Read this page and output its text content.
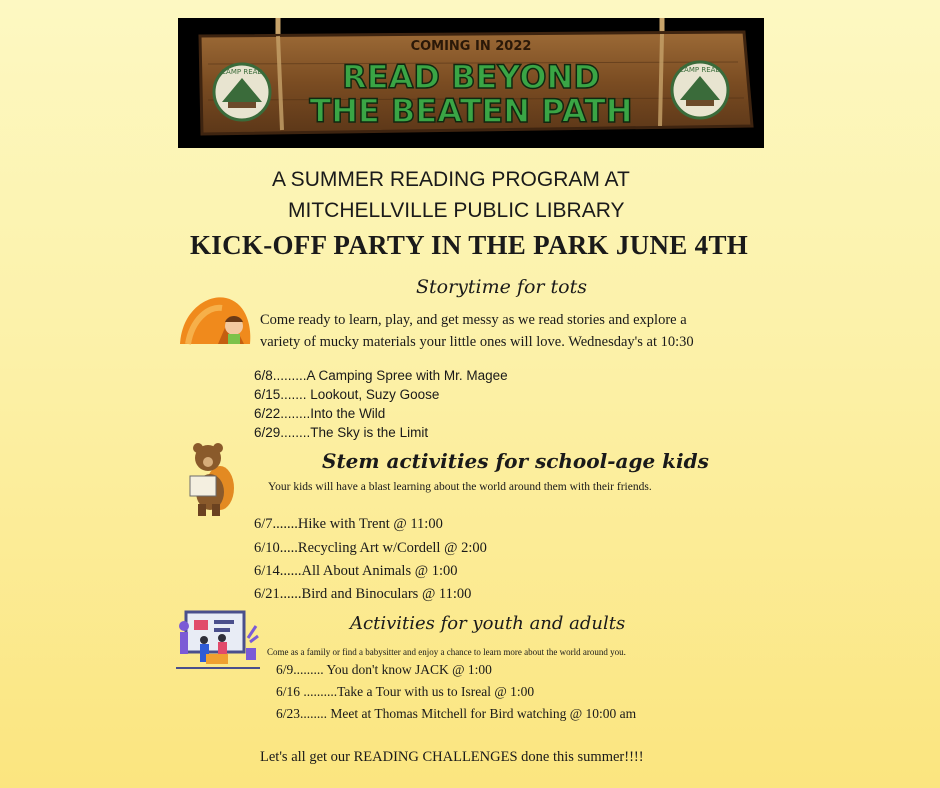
CAMP READ	CAMP READ
COMING IN 2022
READ BEYOND
THE BEATEN PATH
A SUMMER READING PROGRAM AT
MITCHELLVILLE PUBLIC LIBRARY
KICK-OFF PARTY IN THE PARK JUNE 4TH
Storytime for tots
Come ready to learn, play, and get messy as we read stories and explore a
variety of mucky materials your little ones will love. Wednesday's at 10:30
6/8.........A Camping Spree with Mr. Magee
6/15....... Lookout, Suzy Goose
6/22........Into the Wild
6/29........The Sky is the Limit
Stem activities for school-age kids
Your kids will have a blast learning about the world around them with their friends.
6/7.......Hike with Trent @ 11:00
6/10.....Recycling Art w/Cordell @ 2:00
6/14......All About Animals @ 1:00
6/21......Bird and Binoculars @ 11:00
Activities for youth and adults
Come as a family or find a babysitter and enjoy a chance to learn more about the world around you.
6/9......... You don't know JACK @ 1:00
6/16 ..........Take a Tour with us to Isreal @ 1:00
6/23........ Meet at Thomas Mitchell for Bird watching @ 10:00 am
Let's all get our READING CHALLENGES done this summer!!!!
